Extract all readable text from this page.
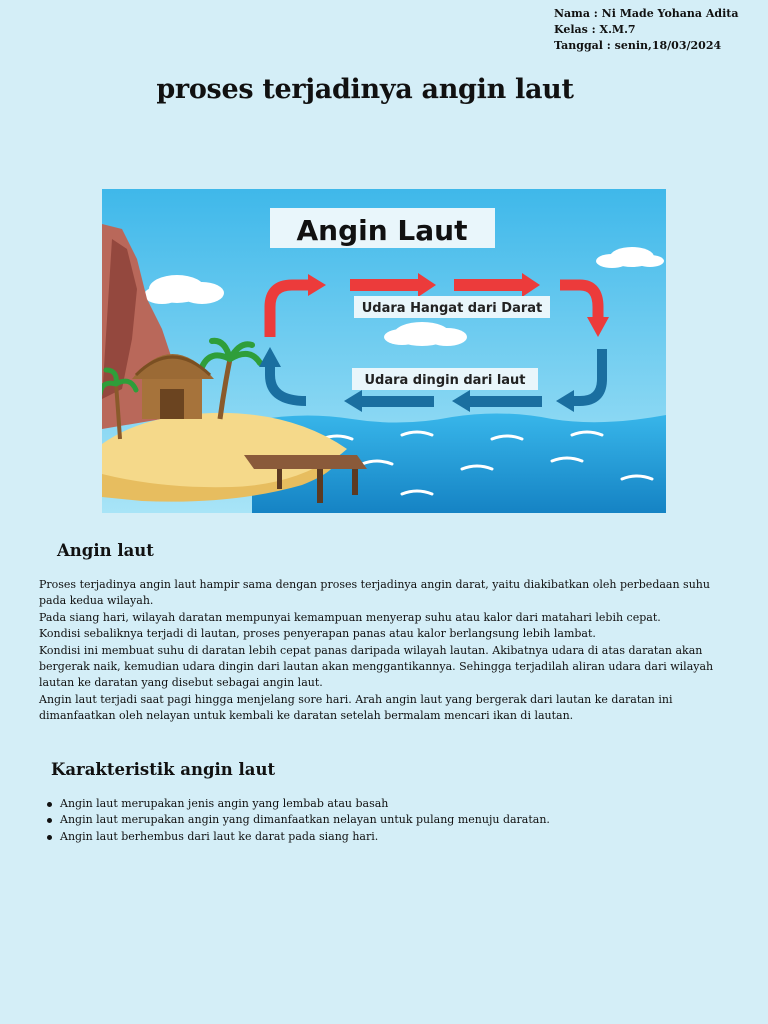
Nama : Ni Made Yohana Adita
Kelas : X.M.7
Tanggal : senin,18/03/2024
proses terjadinya angin laut
Angin Laut
Udara Hangat dari Darat
Udara dingin dari laut
Angin laut

Proses terjadinya angin laut hampir sama dengan proses terjadinya angin darat, yaitu diakibatkan oleh perbedaan suhu pada kedua wilayah.

Pada siang hari, wilayah daratan mempunyai kemampuan menyerap suhu atau kalor dari matahari lebih cepat.

Kondisi sebaliknya terjadi di lautan, proses penyerapan panas atau kalor berlangsung lebih lambat.

Kondisi ini membuat suhu di daratan lebih cepat panas daripada wilayah lautan. Akibatnya udara di atas daratan akan bergerak naik, kemudian udara dingin dari lautan akan menggantikannya. Sehingga terjadilah aliran udara dari wilayah lautan ke daratan yang disebut sebagai angin laut.

Angin laut terjadi saat pagi hingga menjelang sore hari. Arah angin laut yang bergerak dari lautan ke daratan ini dimanfaatkan oleh nelayan untuk kembali ke daratan setelah bermalam mencari ikan di lautan.

Karakteristik angin laut
Angin laut merupakan jenis angin yang lembab atau basah
Angin laut merupakan angin yang dimanfaatkan nelayan untuk pulang menuju daratan.
Angin laut berhembus dari laut ke darat pada siang hari.
